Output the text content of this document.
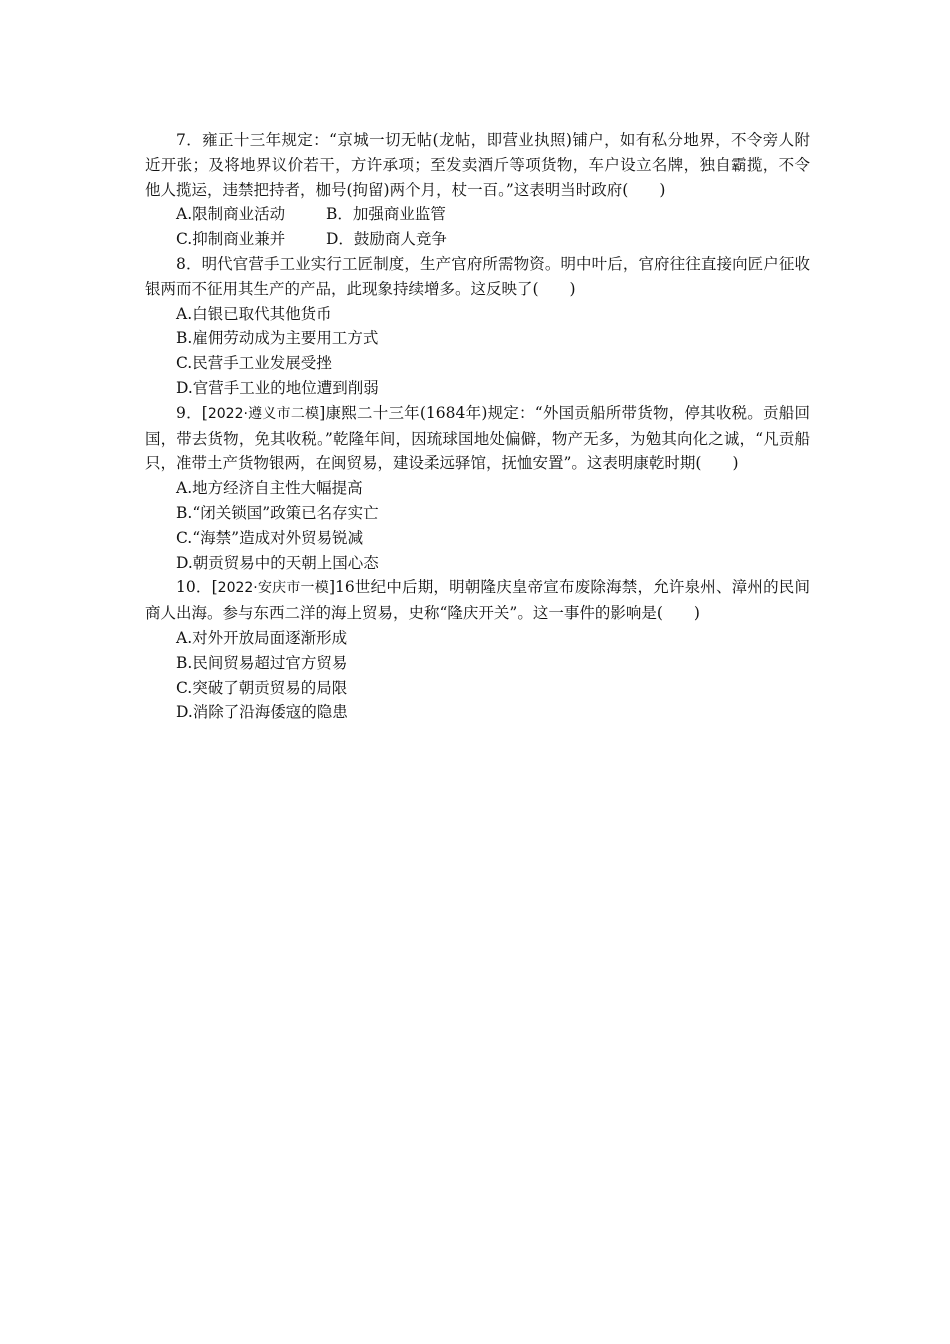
7．雍正十三年规定：“京城一切无帖(龙帖，即营业执照)铺户，如有私分地界，不令旁人附近开张；及将地界议价若干，方许承项；至发卖酒斤等项货物，车户设立名牌，独自霸揽，不令他人揽运，违禁把持者，枷号(拘留)两个月，杖一百。”这表明当时政府(　　)

A.限制商业活动	B．加强商业监管
C.抑制商业兼并	D．鼓励商人竞争

8．明代官营手工业实行工匠制度，生产官府所需物资。明中叶后，官府往往直接向匠户征收银两而不征用其生产的产品，此现象持续增多。这反映了(　　)

A.白银已取代其他货币

B.雇佣劳动成为主要用工方式

C.民营手工业发展受挫

D.官营手工业的地位遭到削弱

9．[2022·遵义市二模]康熙二十三年(1684年)规定：“外国贡船所带货物，停其收税。贡船回国，带去货物，免其收税。”乾隆年间，因琉球国地处偏僻，物产无多，为勉其向化之诚，“凡贡船只，准带土产货物银两，在闽贸易，建设柔远驿馆，抚恤安置”。这表明康乾时期(　　)

A.地方经济自主性大幅提高

B.“闭关锁国”政策已名存实亡

C.“海禁”造成对外贸易锐减

D.朝贡贸易中的天朝上国心态

10．[2022·安庆市一模]16世纪中后期，明朝隆庆皇帝宣布废除海禁，允许泉州、漳州的民间商人出海。参与东西二洋的海上贸易，史称“隆庆开关”。这一事件的影响是(　　)

A.对外开放局面逐渐形成

B.民间贸易超过官方贸易

C.突破了朝贡贸易的局限

D.消除了沿海倭寇的隐患
